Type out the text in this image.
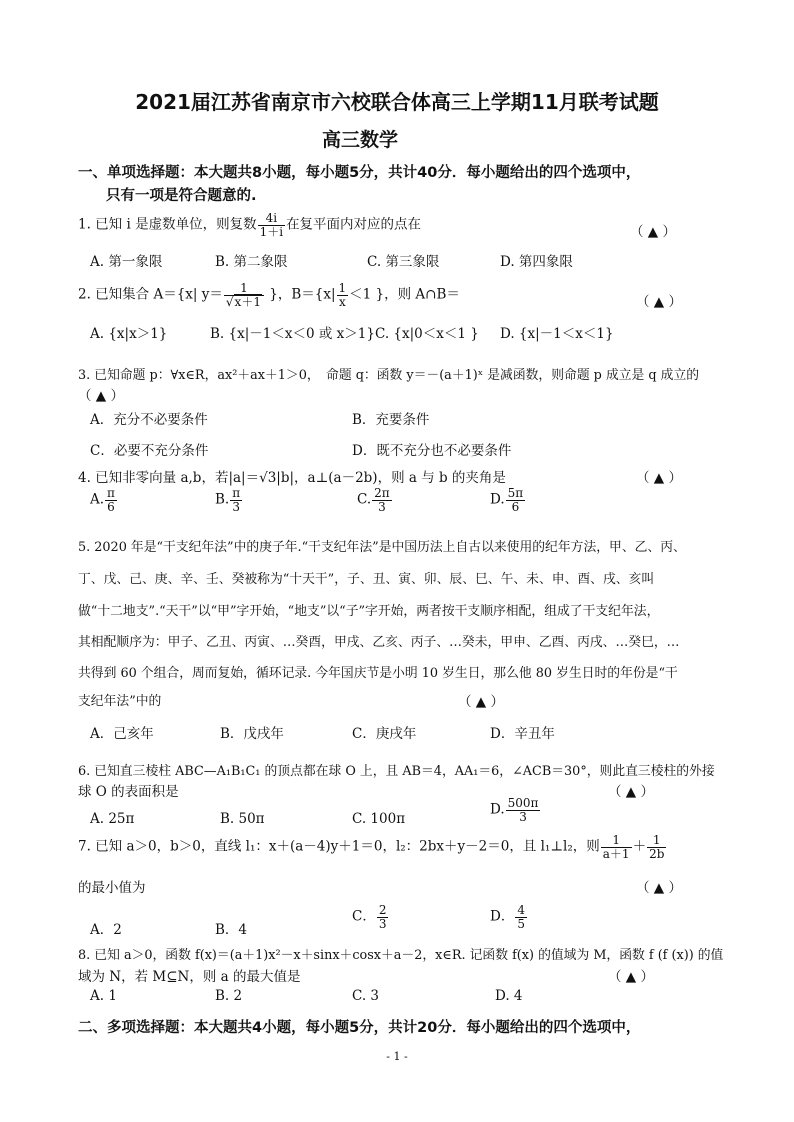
2021届江苏省南京市六校联合体高三上学期11月联考试题
高三数学
一、单项选择题：本大题共8小题，每小题5分，共计40分．每小题给出的四个选项中，
只有一项是符合题意的.
1. 已知 i 是虚数单位，则复数 $\frac{4i}{1+i}$ 在复平面内对应的点在	（ ▲ ）
A. 第一象限	B. 第二象限	C. 第三象限	D. 第四象限
2. 已知集合 A＝{x| $y= \frac{1}{√x+1}$ }，$B=\{x| \frac{1}{x} <1$ }，则 A∩B＝	（ ▲ ）
A. {x|x＞1}	B. {x|－1＜x＜0 或 x＞1} C. {x|0＜x＜1 } D. {x|－1＜x＜1}
3. 已知命题 p：∀x∈R，ax²＋ax＋1＞0，　命题 q：函数 y＝－(a＋1)ˣ 是减函数，则命题 p 成立是 q 成立的
（ ▲ ）
A．充分不必要条件	B．充要条件
C．必要不充分条件	D．既不充分也不必要条件
4. 已知非零向量 a,b，若|a|＝√3|b|，a⊥(a－2b)，则 a 与 b 的夹角是	（ ▲ ）
A. $\frac{\pi}{6}$	B. $\frac{\pi}{3}$	C. $\frac{2\pi}{3}$	D. $\frac{5\pi}{6}$
5. 2020 年是“干支纪年法”中的庚子年.“干支纪年法”是中国历法上自古以来使用的纪年方法，甲、乙、丙、
丁、戊、己、庚、辛、壬、癸被称为“十天干”，子、丑、寅、卯、辰、巳、午、未、申、酉、戌、亥叫
做“十二地支”.“天干”以“甲”字开始，“地支”以“子”字开始，两者按干支顺序相配，组成了干支纪年法，
其相配顺序为：甲子、乙丑、丙寅、…癸酉，甲戌、乙亥、丙子、…癸未，甲申、乙酉、丙戌、…癸巳，…
共得到 60 个组合，周而复始，循环记录. 今年国庆节是小明 10 岁生日，那么他 80 岁生日时的年份是“干
支纪年法”中的	（ ▲ ）
A．己亥年	B．戊戌年	C．庚戌年	D．辛丑年
6. 已知直三棱柱 ABC—A₁B₁C₁ 的顶点都在球 O 上，且 AB＝4，AA₁＝6，∠ACB＝30°，则此直三棱柱的外接
球 O 的表面积是	（ ▲ ）
A. 25π	B. 50π	C. 100π
D. $\frac{500\pi}{3}$
7. 已知 a＞0，b＞0，直线 l₁：x＋(a－4)y＋1＝0，l₂：2bx＋y－2＝0，且 l₁⊥l₂，则 $\frac{1}{a+1} + \frac{1}{2b}$
的最小值为	（ ▲ ）
A．2	B．4
C． $\frac{2}{3}$	D． $\frac{4}{5}$
8. 已知 a＞0，函数 f(x)＝(a＋1)x²－x＋sinx＋cosx＋a－2，x∈R. 记函数 f(x) 的值域为 M，函数 f (f (x)) 的值
域为 N，若 M⊆N，则 a 的最大值是	（ ▲ ）
A. 1	B. 2	C. 3	D. 4
二、多项选择题：本大题共4小题，每小题5分，共计20分．每小题给出的四个选项中，
- 1 -
